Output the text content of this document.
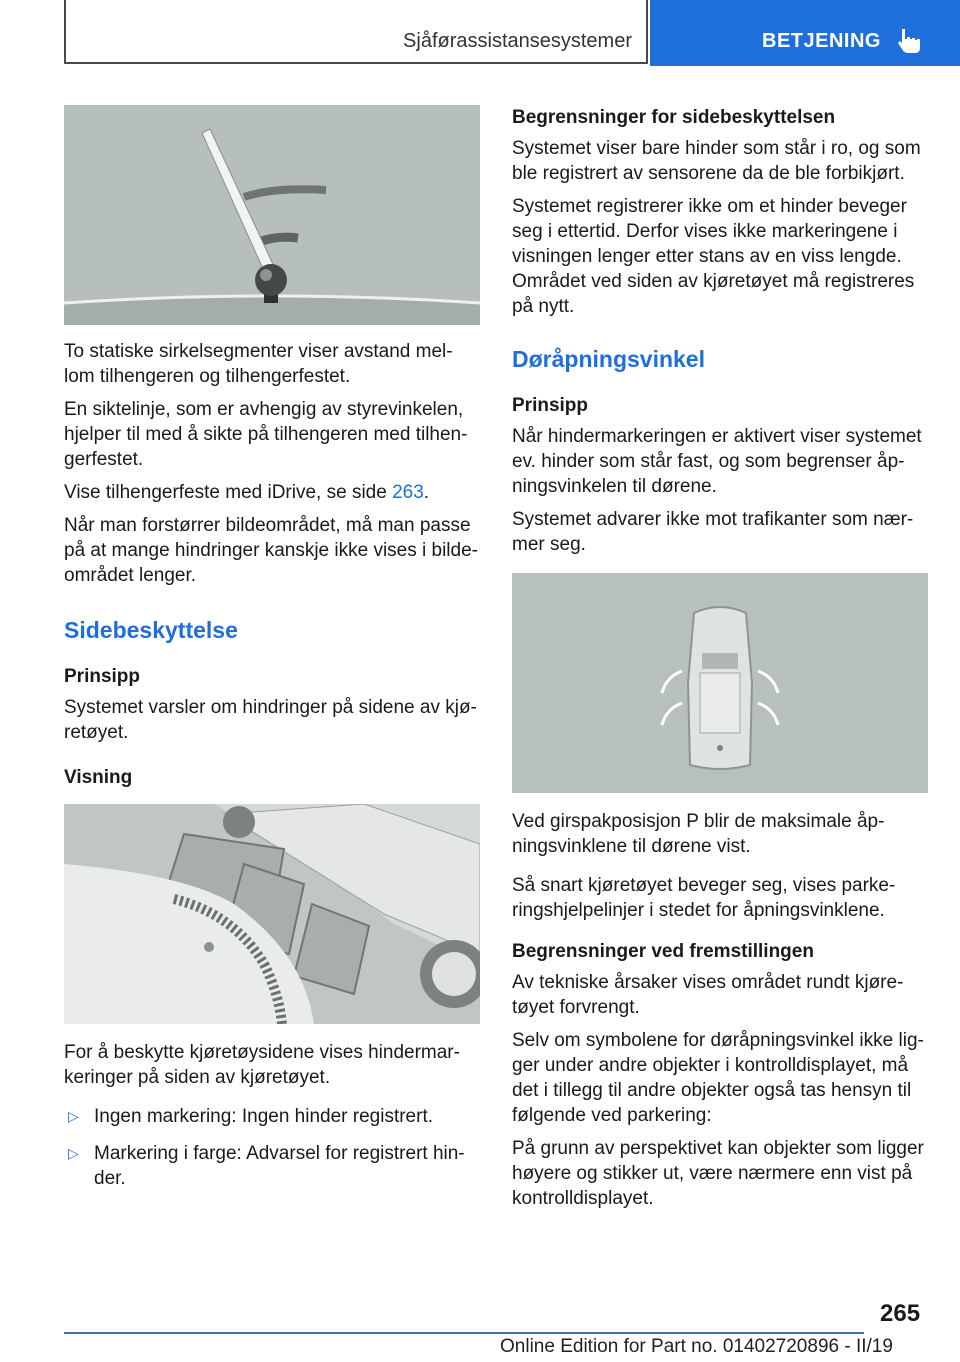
Sjåførassistansesystemer	BETJENING

To statiske sirkelsegmenter viser avstand mel-lom tilhengeren og tilhengerfestet.

En siktelinje, som er avhengig av styrevinkelen, hjelper til med å sikte på tilhengeren med tilhen-gerfestet.

Vise tilhengerfeste med iDrive, se side 263.

Når man forstørrer bildeområdet, må man passe på at mange hindringer kanskje ikke vises i bilde-området lenger.

Sidebeskyttelse
Prinsipp

Systemet varsler om hindringer på sidene av kjø-retøyet.

Visning

For å beskytte kjøretøysidene vises hindermar-keringer på siden av kjøretøyet.

▷ Ingen markering: Ingen hinder registrert.
▷ Markering i farge: Advarsel for registrert hin-der.
Begrensninger for sidebeskyttelsen

Systemet viser bare hinder som står i ro, og som ble registrert av sensorene da de ble forbikjørt.

Systemet registrerer ikke om et hinder beveger seg i ettertid. Derfor vises ikke markeringene i visningen lenger etter stans av en viss lengde. Området ved siden av kjøretøyet må registreres på nytt.

Døråpningsvinkel
Prinsipp

Når hindermarkeringen er aktivert viser systemet ev. hinder som står fast, og som begrenser åp-ningsvinkelen til dørene.

Systemet advarer ikke mot trafikanter som nær-mer seg.

Ved girspakposisjon P blir de maksimale åp-ningsvinklene til dørene vist.

Så snart kjøretøyet beveger seg, vises parke-ringshjelpelinjer i stedet for åpningsvinklene.

Begrensninger ved fremstillingen

Av tekniske årsaker vises området rundt kjøre-tøyet forvrengt.

Selv om symbolene for døråpningsvinkel ikke lig-ger under andre objekter i kontrolldisplayet, må det i tillegg til andre objekter også tas hensyn til følgende ved parkering:

På grunn av perspektivet kan objekter som ligger høyere og stikker ut, være nærmere enn vist på kontrolldisplayet.

265
Online Edition for Part no. 01402720896 - II/19
